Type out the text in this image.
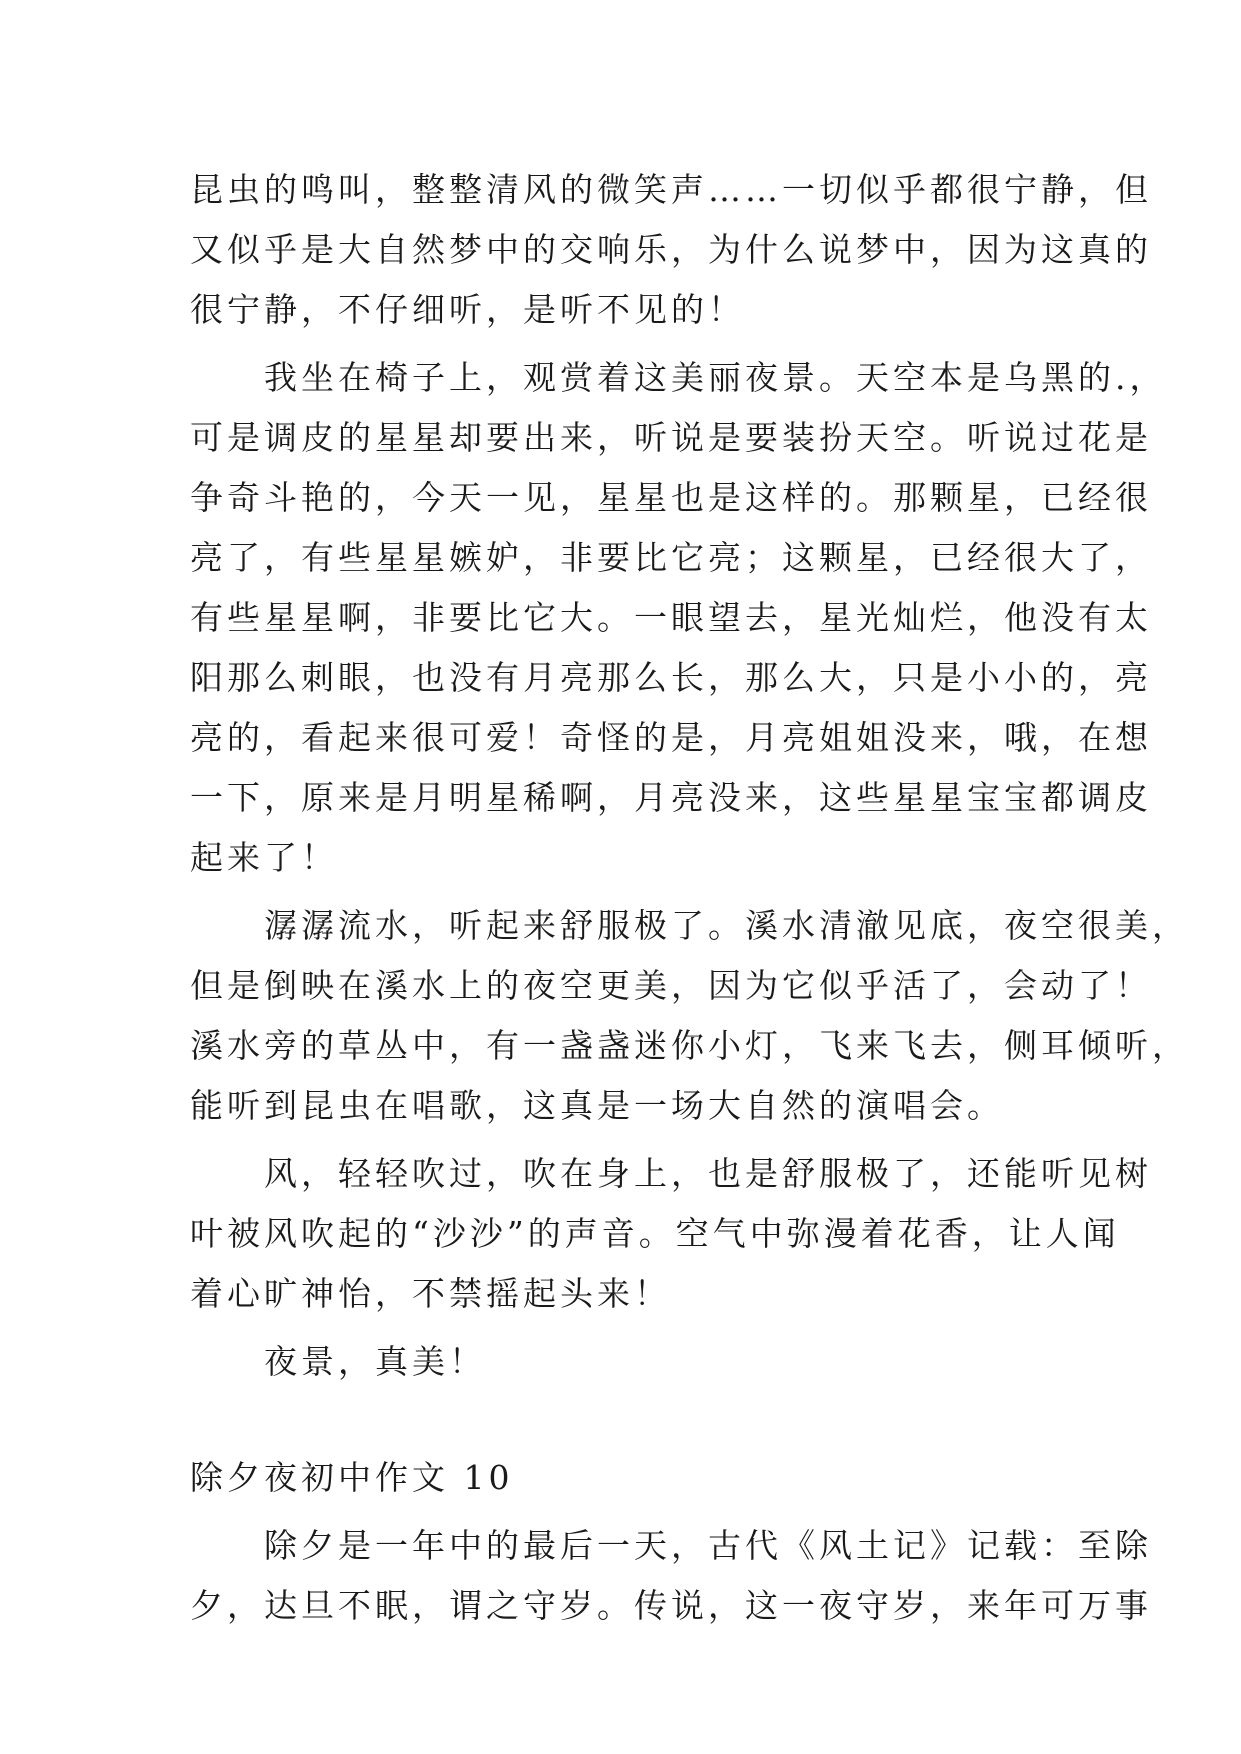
昆虫的鸣叫，整整清风的微笑声……一切似乎都很宁静，但
又似乎是大自然梦中的交响乐，为什么说梦中，因为这真的
很宁静，不仔细听，是听不见的！
　　我坐在椅子上，观赏着这美丽夜景。天空本是乌黑的.，
可是调皮的星星却要出来，听说是要装扮天空。听说过花是
争奇斗艳的，今天一见，星星也是这样的。那颗星，已经很
亮了，有些星星嫉妒，非要比它亮；这颗星，已经很大了，
有些星星啊，非要比它大。一眼望去，星光灿烂，他没有太
阳那么刺眼，也没有月亮那么长，那么大，只是小小的，亮
亮的，看起来很可爱！奇怪的是，月亮姐姐没来，哦，在想
一下，原来是月明星稀啊，月亮没来，这些星星宝宝都调皮
起来了！
　　潺潺流水，听起来舒服极了。溪水清澈见底，夜空很美，
但是倒映在溪水上的夜空更美，因为它似乎活了，会动了！
溪水旁的草丛中，有一盏盏迷你小灯，飞来飞去，侧耳倾听，
能听到昆虫在唱歌，这真是一场大自然的演唱会。
　　风，轻轻吹过，吹在身上，也是舒服极了，还能听见树
叶被风吹起的“沙沙”的声音。空气中弥漫着花香，让人闻
着心旷神怡，不禁摇起头来！
　　夜景，真美！
除夕夜初中作文 10
　　除夕是一年中的最后一天，古代《风土记》记载：至除
夕，达旦不眠，谓之守岁。传说，这一夜守岁，来年可万事
